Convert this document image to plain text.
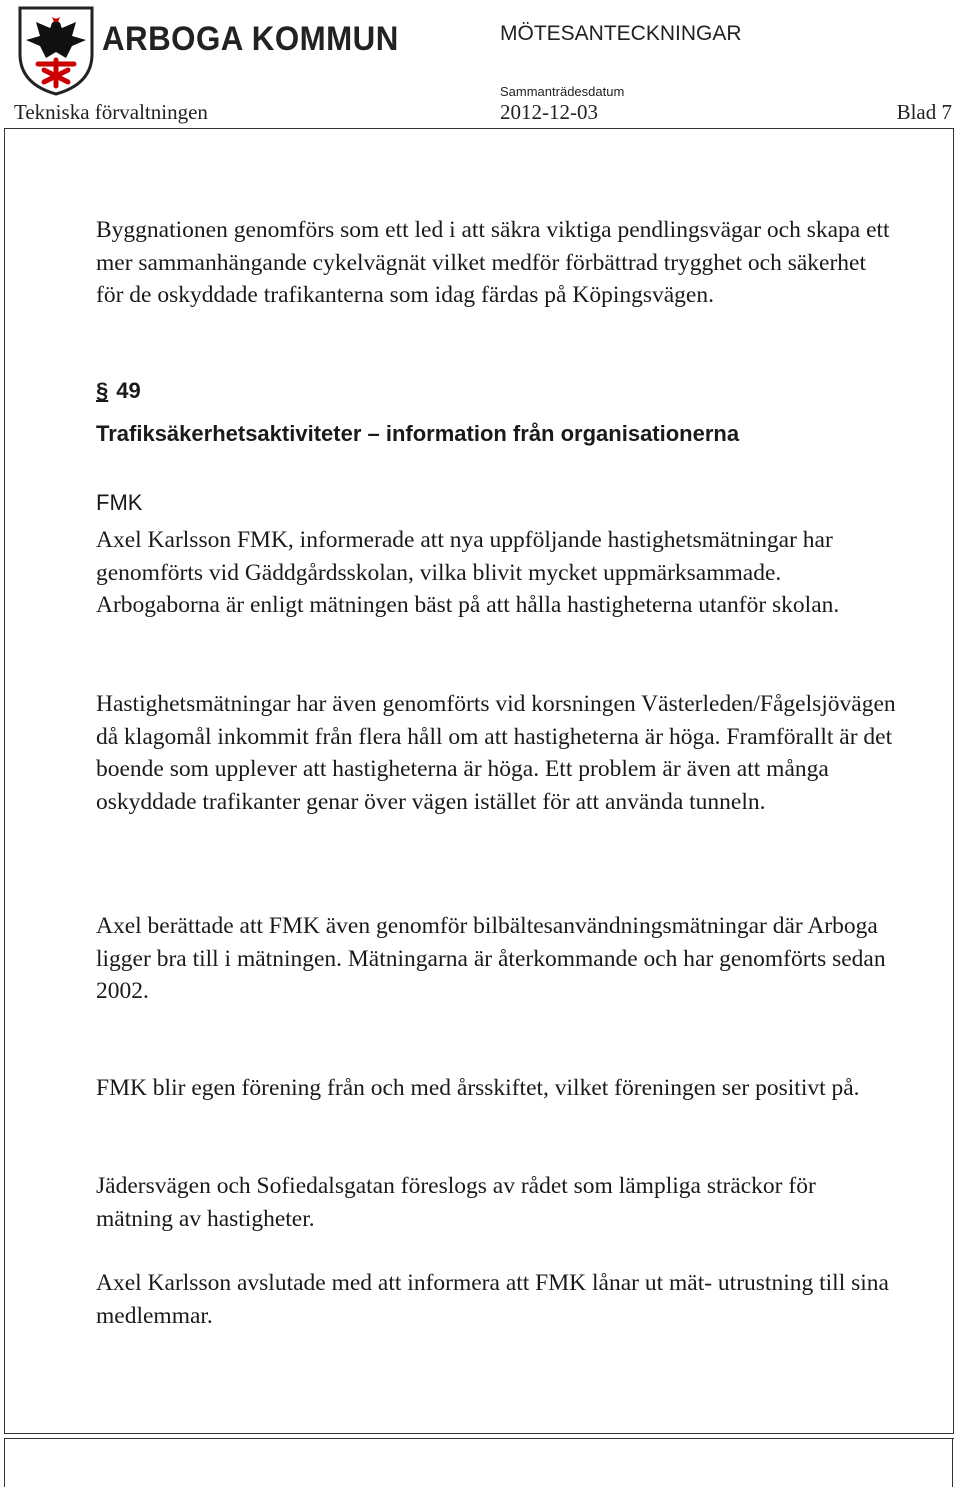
ARBOGA KOMMUN	MÖTESANTECKNINGAR
Sammanträdesdatum
Tekniska förvaltningen	2012-12-03	Blad 7

Byggnationen genomförs som ett led i att säkra viktiga pendlingsvägar och skapa ett mer sammanhängande cykelvägnät vilket medför förbättrad trygghet och säkerhet för de oskyddade trafikanterna som idag färdas på Köpingsvägen.

§ 49
Trafiksäkerhetsaktiviteter – information från organisationerna
FMK

Axel Karlsson FMK, informerade att nya uppföljande hastighetsmätningar har genomförts vid Gäddgårdsskolan, vilka blivit mycket uppmärksammade. Arbogaborna är enligt mätningen bäst på att hålla hastigheterna utanför skolan.

Hastighetsmätningar har även genomförts vid korsningen Västerleden/Fågelsjövägen då klagomål inkommit från flera håll om att hastigheterna är höga. Framförallt är det boende som upplever att hastigheterna är höga. Ett problem är även att många oskyddade trafikanter genar över vägen istället för att använda tunneln.

Axel berättade att FMK även genomför bilbältesanvändningsmätningar där Arboga ligger bra till i mätningen. Mätningarna är återkommande och har genomförts sedan 2002.

FMK blir egen förening från och med årsskiftet, vilket föreningen ser positivt på.

Jädersvägen och Sofiedalsgatan föreslogs av rådet som lämpliga sträckor för mätning av hastigheter.

Axel Karlsson avslutade med att informera att FMK lånar ut mät- utrustning till sina medlemmar.
